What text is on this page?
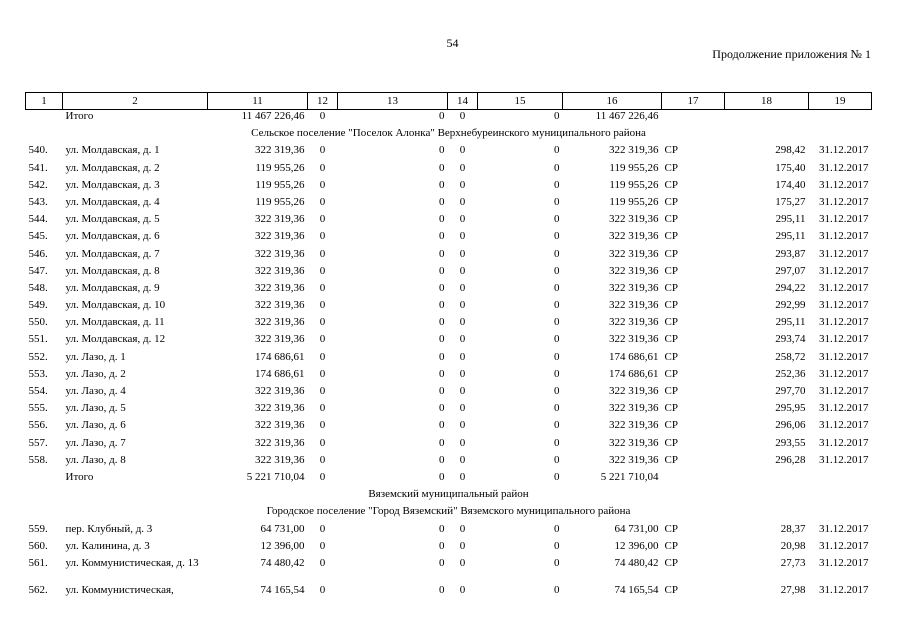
54
Продолжение приложения № 1
1	2	11	12	13	14	15	16	17	18	19
	Итого	11 467 226,46	0	0	0	0	11 467 226,46			
Сельское поселение "Поселок Алонка" Верхнебуреинского муниципального района										
540.	ул. Молдавская, д. 1	322 319,36	0	0	0	0	322 319,36	СР	298,42	31.12.2017
541.	ул. Молдавская, д. 2	119 955,26	0	0	0	0	119 955,26	СР	175,40	31.12.2017
542.	ул. Молдавская, д. 3	119 955,26	0	0	0	0	119 955,26	СР	174,40	31.12.2017
543.	ул. Молдавская, д. 4	119 955,26	0	0	0	0	119 955,26	СР	175,27	31.12.2017
544.	ул. Молдавская, д. 5	322 319,36	0	0	0	0	322 319,36	СР	295,11	31.12.2017
545.	ул. Молдавская, д. 6	322 319,36	0	0	0	0	322 319,36	СР	295,11	31.12.2017
546.	ул. Молдавская, д. 7	322 319,36	0	0	0	0	322 319,36	СР	293,87	31.12.2017
547.	ул. Молдавская, д. 8	322 319,36	0	0	0	0	322 319,36	СР	297,07	31.12.2017
548.	ул. Молдавская, д. 9	322 319,36	0	0	0	0	322 319,36	СР	294,22	31.12.2017
549.	ул. Молдавская, д. 10	322 319,36	0	0	0	0	322 319,36	СР	292,99	31.12.2017
550.	ул. Молдавская, д. 11	322 319,36	0	0	0	0	322 319,36	СР	295,11	31.12.2017
551.	ул. Молдавская, д. 12	322 319,36	0	0	0	0	322 319,36	СР	293,74	31.12.2017
552.	ул. Лазо, д. 1	174 686,61	0	0	0	0	174 686,61	СР	258,72	31.12.2017
553.	ул. Лазо, д. 2	174 686,61	0	0	0	0	174 686,61	СР	252,36	31.12.2017
554.	ул. Лазо, д. 4	322 319,36	0	0	0	0	322 319,36	СР	297,70	31.12.2017
555.	ул. Лазо, д. 5	322 319,36	0	0	0	0	322 319,36	СР	295,95	31.12.2017
556.	ул. Лазо, д. 6	322 319,36	0	0	0	0	322 319,36	СР	296,06	31.12.2017
557.	ул. Лазо, д. 7	322 319,36	0	0	0	0	322 319,36	СР	293,55	31.12.2017
558.	ул. Лазо, д. 8	322 319,36	0	0	0	0	322 319,36	СР	296,28	31.12.2017
	Итого	5 221 710,04	0	0	0	0	5 221 710,04			
Вяземский муниципальный район										
Городское поселение "Город Вяземский" Вяземского муниципального района										
559.	пер. Клубный, д. 3	64 731,00	0	0	0	0	64 731,00	СР	28,37	31.12.2017
560.	ул. Калинина, д. 3	12 396,00	0	0	0	0	12 396,00	СР	20,98	31.12.2017
561.	ул. Коммунистическая, д. 13	74 480,42	0	0	0	0	74 480,42	СР	27,73	31.12.2017
562.	ул. Коммунистическая,	74 165,54	0	0	0	0	74 165,54	СР	27,98	31.12.2017
